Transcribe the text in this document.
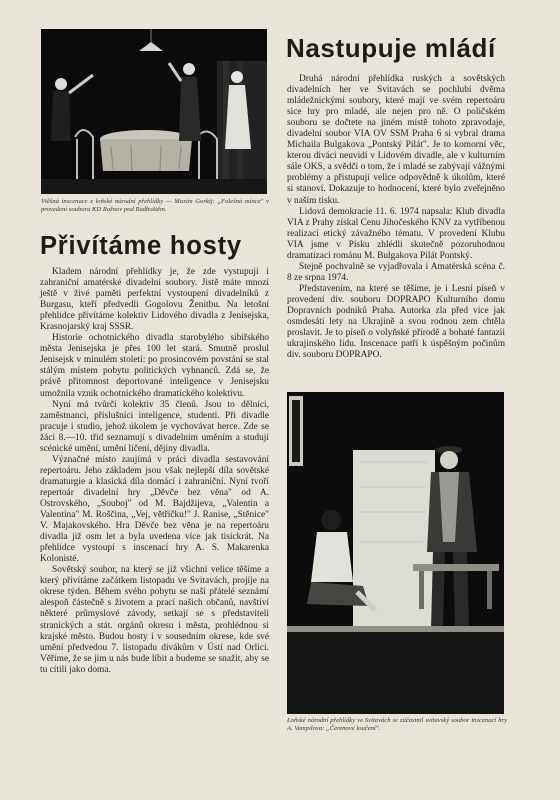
Vtěšná inscenace z loňské národní přehlídky — Maxim Gorkij: „Falešná mince" v provedení souboru KD Rožnov pod Radhoštěm.
Přivítáme hosty

Kladem národní přehlídky je, že zde vystupují i zahraniční amatérské divadelní soubory. Jistě máte mnozí ještě v živé paměti perfektní vystoupení divadelníků z Burgasu, kteří předvedli Gogolovu Ženitbu. Na letošní přehlídce přivítáme kolektiv Lidového divadla z Jenisejska, Krasnojarský kraj SSSR.

Historie ochotnického divadla starobylého sibiřského města Jenisejska je přes 100 let stará. Smutně proslul Jenisejsk v minulém století: po prosincovém povstání se stal stálým místem pobytu politických vyhnanců. Zdá se, že právě přítomnost deportované inteligence v Jenisejsku umožnila vznik ochotnického dramatického kolektivu.

Nyní má tvůrčí kolektiv 35 členů. Jsou to dělníci, zaměstnanci, příslušníci inteligence, studenti. Při divadle pracuje i studio, jehož úkolem je vychovávat herce. Zde se žáci 8.—10. tříd seznamují s divadelním uměním a studují scénické umění, umění líčení, dějiny divadla.

Význačné místo zaujímá v práci divadla sestavování repertoáru. Jeho základem jsou však nejlepší díla sovětské dramaturgie a klasická díla domácí i zahraniční. Nyní tvoří repertoár divadelní hry „Děvče bez věna" od A. Ostrovského, „Souboj" od M. Bajdžijeva, „Valentin a Valentina" M. Roščina, „Vej, větříčku!" J. Ranise, „Stěnice" V. Majakovského. Hra Děvče bez věna je na repertoáru divadla již osm let a byla uvedena více jak tisíckrát. Na přehlídce vystoupí s inscenací hry A. S. Makarenka Kolonisté.

Sovětský soubor, na který se již všichni velice těšíme a který přivítáme začátkem listopadu ve Svitavách, projíje na okrese týden. Během svého pobytu se naši přátelé seznámí alespoň částečně s životem a prací našich občanů, navštíví některé průmyslové závody, setkají se s představiteli stranických a stát. orgánů okresu i města, prohlédnou si krajské město. Budou hosty i v sousedním okrese, kde své umění předvedou 7. listopadu divákům v Ústí nad Orlicí. Věříme, že se jim u nás bude líbit a budeme se snažit, aby se tu cítili jako doma.

Nastupuje mládí

Druhá národní přehlídka ruských a sovětských divadelních her ve Svitavách se pochlubí dvěma mládežnickými soubory, které mají ve svém repertoáru sice hry pro mladé, ale nejen pro ně. O poličském souboru se dočtete na jiném místě tohoto zpravodaje, divadelní soubor VIA OV SSM Praha 6 si vybral drama Michaila Bulgakova „Pontský Pilát". Je to komorní věc, kterou diváci neuvidí v Lidovém divadle, ale v kulturním sále OKS, a svědčí o tom, že i mladé se zabývají vážnými problémy a přistupují velice odpovědně k úkolům, které si stanoví. Dokazuje to hodnocení, které bylo zveřejněno v naším tisku.

Lidová demokracie 11. 6. 1974 napsala: Klub divadla VIA z Prahy získal Cenu Jihočeského KNV za vytříbenou realizaci etický závažného tématu. V provedení Klubu VIA jsme v Písku zhlédli skutečně pozoruhodnou dramatizaci románu M. Bulgakova Pilát Pontský.

Stejně pochvalně se vyjadřovala i Amatérská scéna č. 8 ze srpna 1974.

Představením, na které se těšíme, je i Lesní píseň v provedení div. souboru DOPRAPO Kulturního domu Dopravních podniků Praha. Autorka zla před více jak osmdesáti lety na Ukrajině a svou rodnou zem chtěla proslavit. Je to píseň o volyňské přírodě a bohaté fantazii ukrajinského lidu. Inscenace patří k úspěšným počinům div. souboru DOPRAPO.

Loňské národní přehlídky ve Svitavách se zúčastnil svitavský soubor inscenací hry A. Vampilova: „Čerenové loučení".
